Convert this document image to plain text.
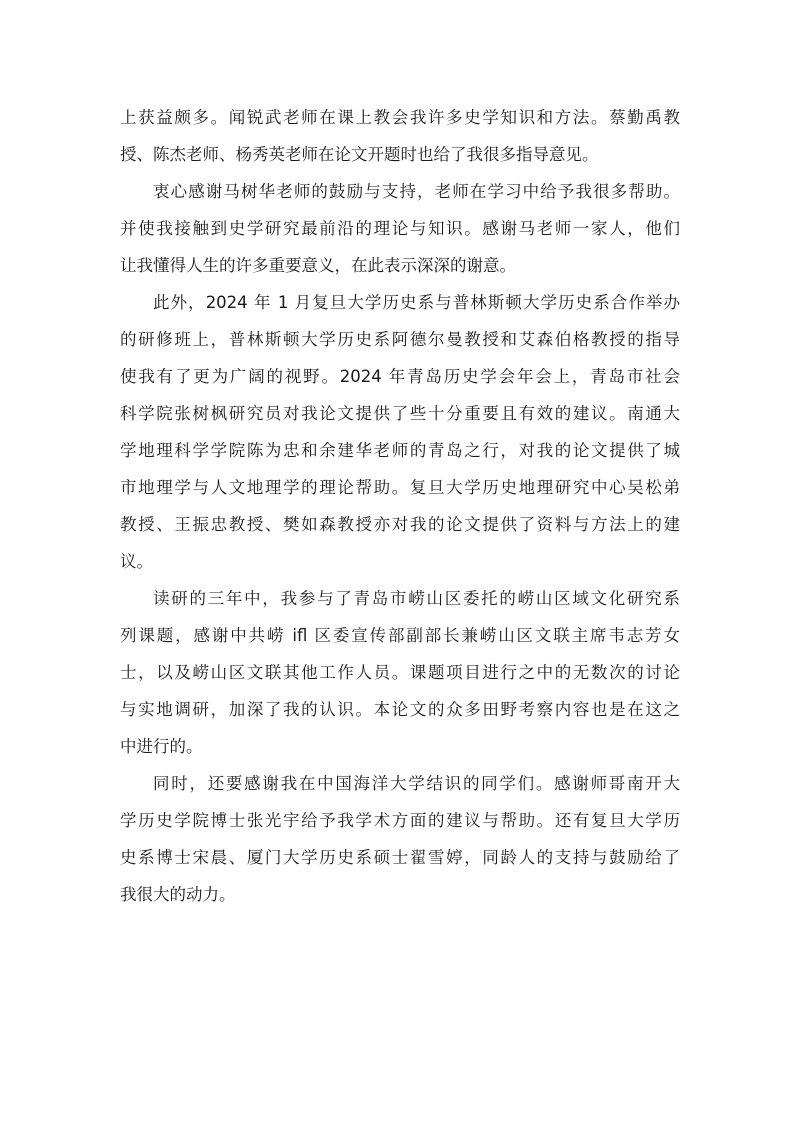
上获益颇多。闻锐武老师在课上教会我许多史学知识和方法。蔡勤禹教
授、陈杰老师、杨秀英老师在论文开题时也给了我很多指导意见。
衷心感谢马树华老师的鼓励与支持，老师在学习中给予我很多帮助。
并使我接触到史学研究最前沿的理论与知识。感谢马老师一家人，他们
让我懂得人生的许多重要意义，在此表示深深的谢意。
此外，2024 年 1 月复旦大学历史系与普林斯顿大学历史系合作举办
的研修班上，普林斯顿大学历史系阿德尔曼教授和艾森伯格教授的指导
使我有了更为广阔的视野。2024 年青岛历史学会年会上，青岛市社会
科学院张树枫研究员对我论文提供了些十分重要且有效的建议。南通大
学地理科学学院陈为忠和余建华老师的青岛之行，对我的论文提供了城
市地理学与人文地理学的理论帮助。复旦大学历史地理研究中心吴松弟
教授、王振忠教授、樊如森教授亦对我的论文提供了资料与方法上的建
议。
读研的三年中，我参与了青岛市崂山区委托的崂山区域文化研究系
列课题，感谢中共崂 ifl 区委宣传部副部长兼崂山区文联主席韦志芳女
士，以及崂山区文联其他工作人员。课题项目进行之中的无数次的讨论
与实地调研，加深了我的认识。本论文的众多田野考察内容也是在这之
中进行的。
同时，还要感谢我在中国海洋大学结识的同学们。感谢师哥南开大
学历史学院博士张光宇给予我学术方面的建议与帮助。还有复旦大学历
史系博士宋晨、厦门大学历史系硕士翟雪婷，同龄人的支持与鼓励给了
我很大的动力。
